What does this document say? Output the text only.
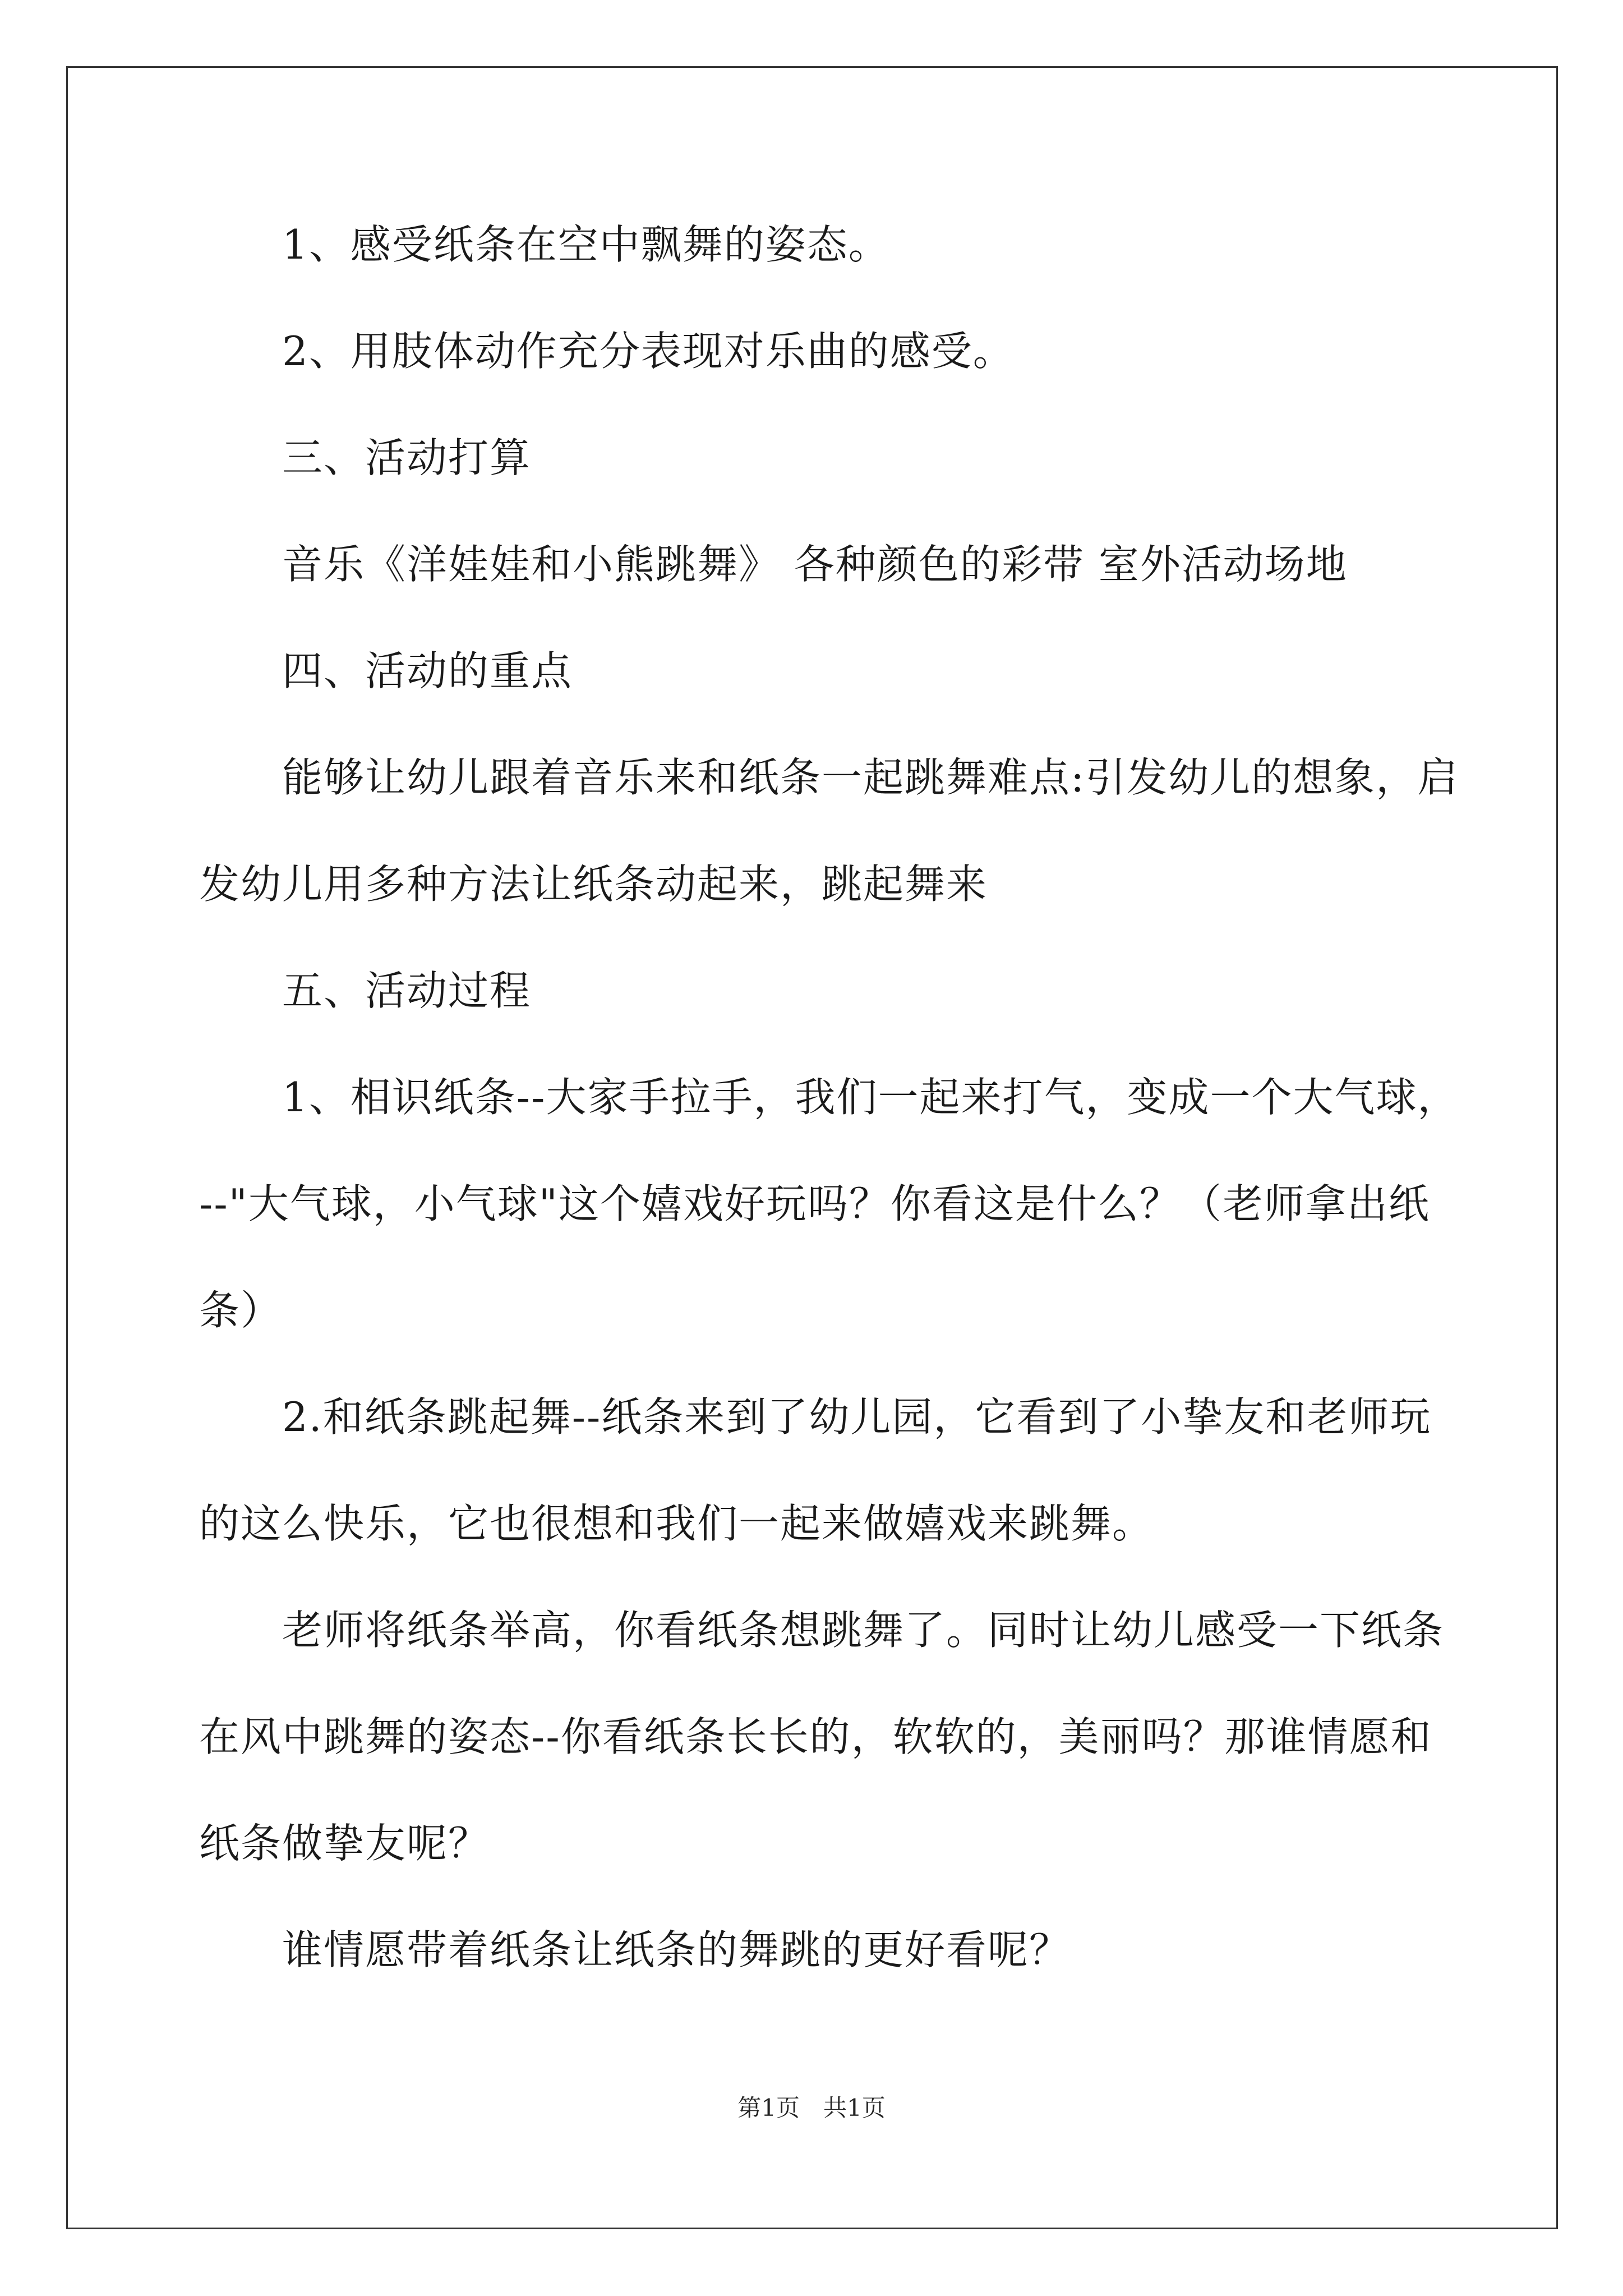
1、感受纸条在空中飘舞的姿态。
2、用肢体动作充分表现对乐曲的感受。
三、活动打算
音乐《洋娃娃和小熊跳舞》 各种颜色的彩带 室外活动场地
四、活动的重点
能够让幼儿跟着音乐来和纸条一起跳舞难点:引发幼儿的想象，启
发幼儿用多种方法让纸条动起来，跳起舞来
五、活动过程
1、相识纸条--大家手拉手，我们一起来打气，变成一个大气球，
--"大气球，小气球"这个嬉戏好玩吗？你看这是什么？（老师拿出纸
条）
2.和纸条跳起舞--纸条来到了幼儿园，它看到了小挚友和老师玩
的这么快乐，它也很想和我们一起来做嬉戏来跳舞。
老师将纸条举高，你看纸条想跳舞了。同时让幼儿感受一下纸条
在风中跳舞的姿态--你看纸条长长的，软软的，美丽吗？那谁情愿和
纸条做挚友呢？
谁情愿带着纸条让纸条的舞跳的更好看呢？
第1页　共1页
